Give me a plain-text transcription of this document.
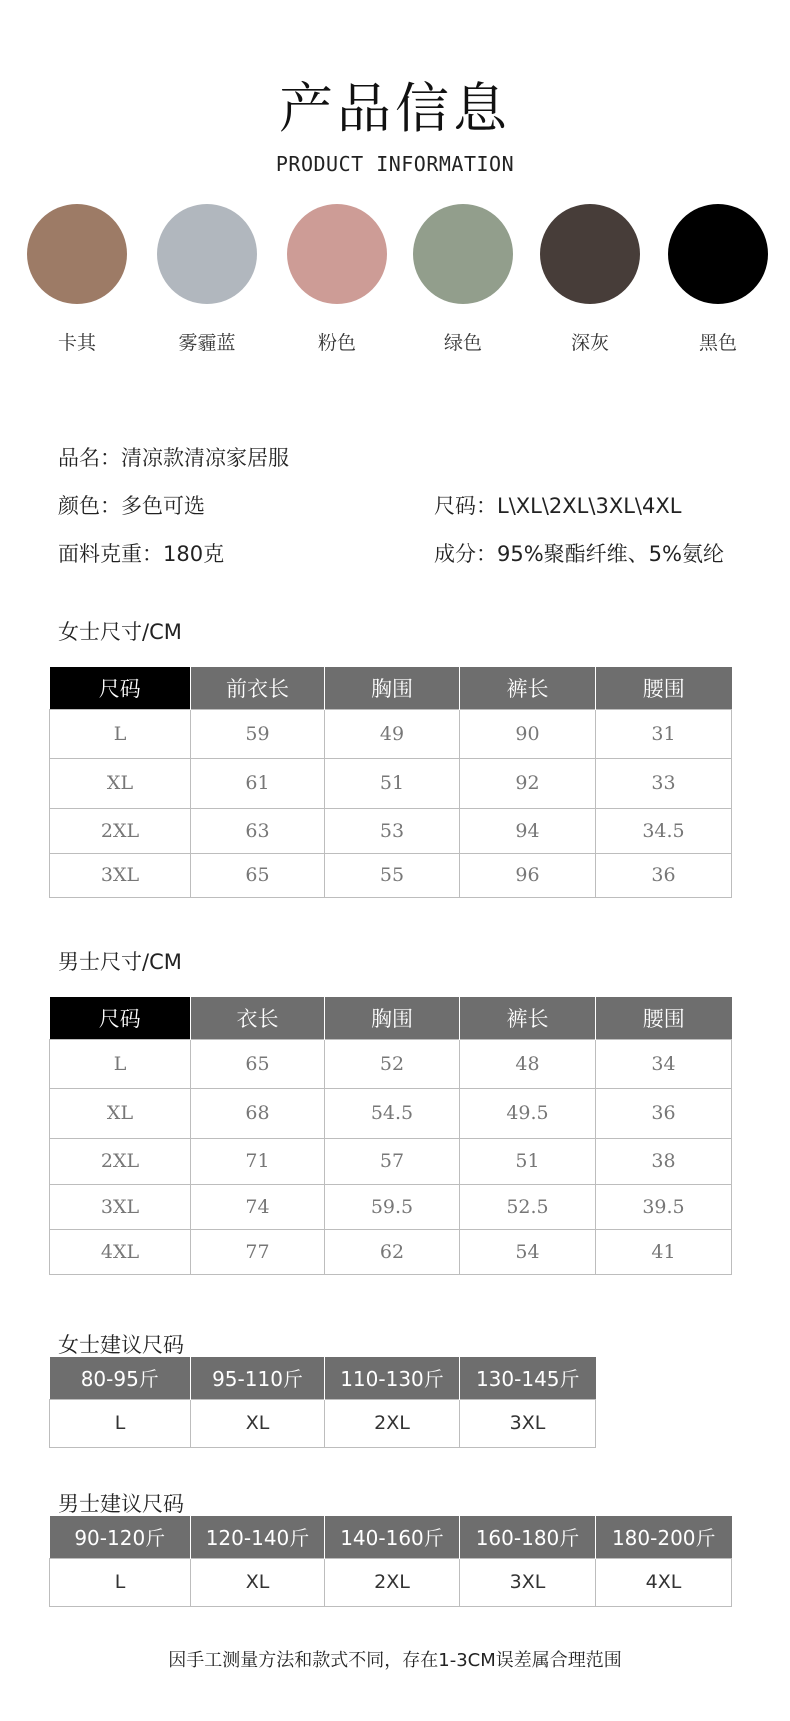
产品信息
PRODUCT INFORMATION
卡其	雾霾蓝	粉色	绿色	深灰	黑色
品名：清凉款清凉家居服
颜色：多色可选	尺码：L\XL\2XL\3XL\4XL
面料克重：180克	成分：95%聚酯纤维、5%氨纶
女士尺寸/CM
尺码	前衣长	胸围	裤长	腰围
L	59	49	90	31
XL	61	51	92	33
2XL	63	53	94	34.5
3XL	65	55	96	36
男士尺寸/CM
尺码	衣长	胸围	裤长	腰围
L	65	52	48	34
XL	68	54.5	49.5	36
2XL	71	57	51	38
3XL	74	59.5	52.5	39.5
4XL	77	62	54	41
女士建议尺码
80-95斤	95-110斤	110-130斤	130-145斤
L	XL	2XL	3XL
男士建议尺码
90-120斤	120-140斤	140-160斤	160-180斤	180-200斤
L	XL	2XL	3XL	4XL
因手工测量方法和款式不同，存在1-3CM误差属合理范围
